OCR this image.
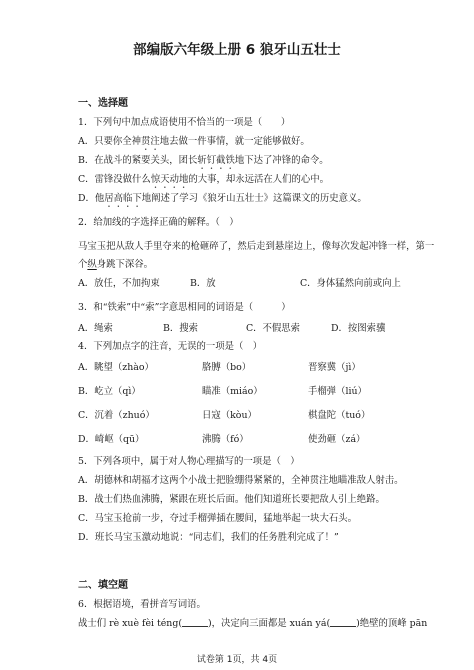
部编版六年级上册 6 狼牙山五壮士
一、选择题
1．下列句中加点成语使用不恰当的一项是（　　）
A．只要你全神贯注地去做一件事情，就一定能够做好。
B．在战斗的紧要关头，团长斩钉截铁地下达了冲锋的命令。
C．雷锋没做什么惊天动地的大事，却永远活在人们的心中。
D．他居高临下地阐述了学习《狼牙山五壮士》这篇课文的历史意义。
2．给加线的字选择正确的解释。（　）
马宝玉把从敌人手里夺来的枪砸碎了，然后走到悬崖边上，像每次发起冲锋一样，第一
个纵身跳下深谷。
A．放任，不加拘束	B．放	C．身体猛然向前或向上
3．和“铁索”中“索”字意思相同的词语是（　　　）
A．绳索	B．搜索	C．不假思索	D．按图索骥
4．下列加点字的注音，无误的一项是（　）
A．眺望（zhào）	胳膊（bo）	晋察冀（jì）
B．屹立（qì）	瞄准（miáo）	手榴弹（liú）
C．沉着（zhuó）	日寇（kòu）	棋盘陀（tuó）
D．崎岖（qū）	沸腾（fó）	使劲砸（zá）
5．下列各项中，属于对人物心理描写的一项是（　）
A．胡德林和胡福才这两个小战士把脸绷得紧紧的，全神贯注地瞄准敌人射击。
B．战士们热血沸腾，紧跟在班长后面。他们知道班长要把敌人引上绝路。
C．马宝玉抢前一步，夺过手榴弹插在腰间，猛地举起一块大石头。
D．班长马宝玉激动地说：“同志们，我们的任务胜利完成了！”
二、填空题
6．根据语境，看拼音写词语。
战士们 rè xuè fèi téng(	)，决定向三面都是 xuán yá(	)绝壁的顶峰 pān
试卷第 1页，共 4页
